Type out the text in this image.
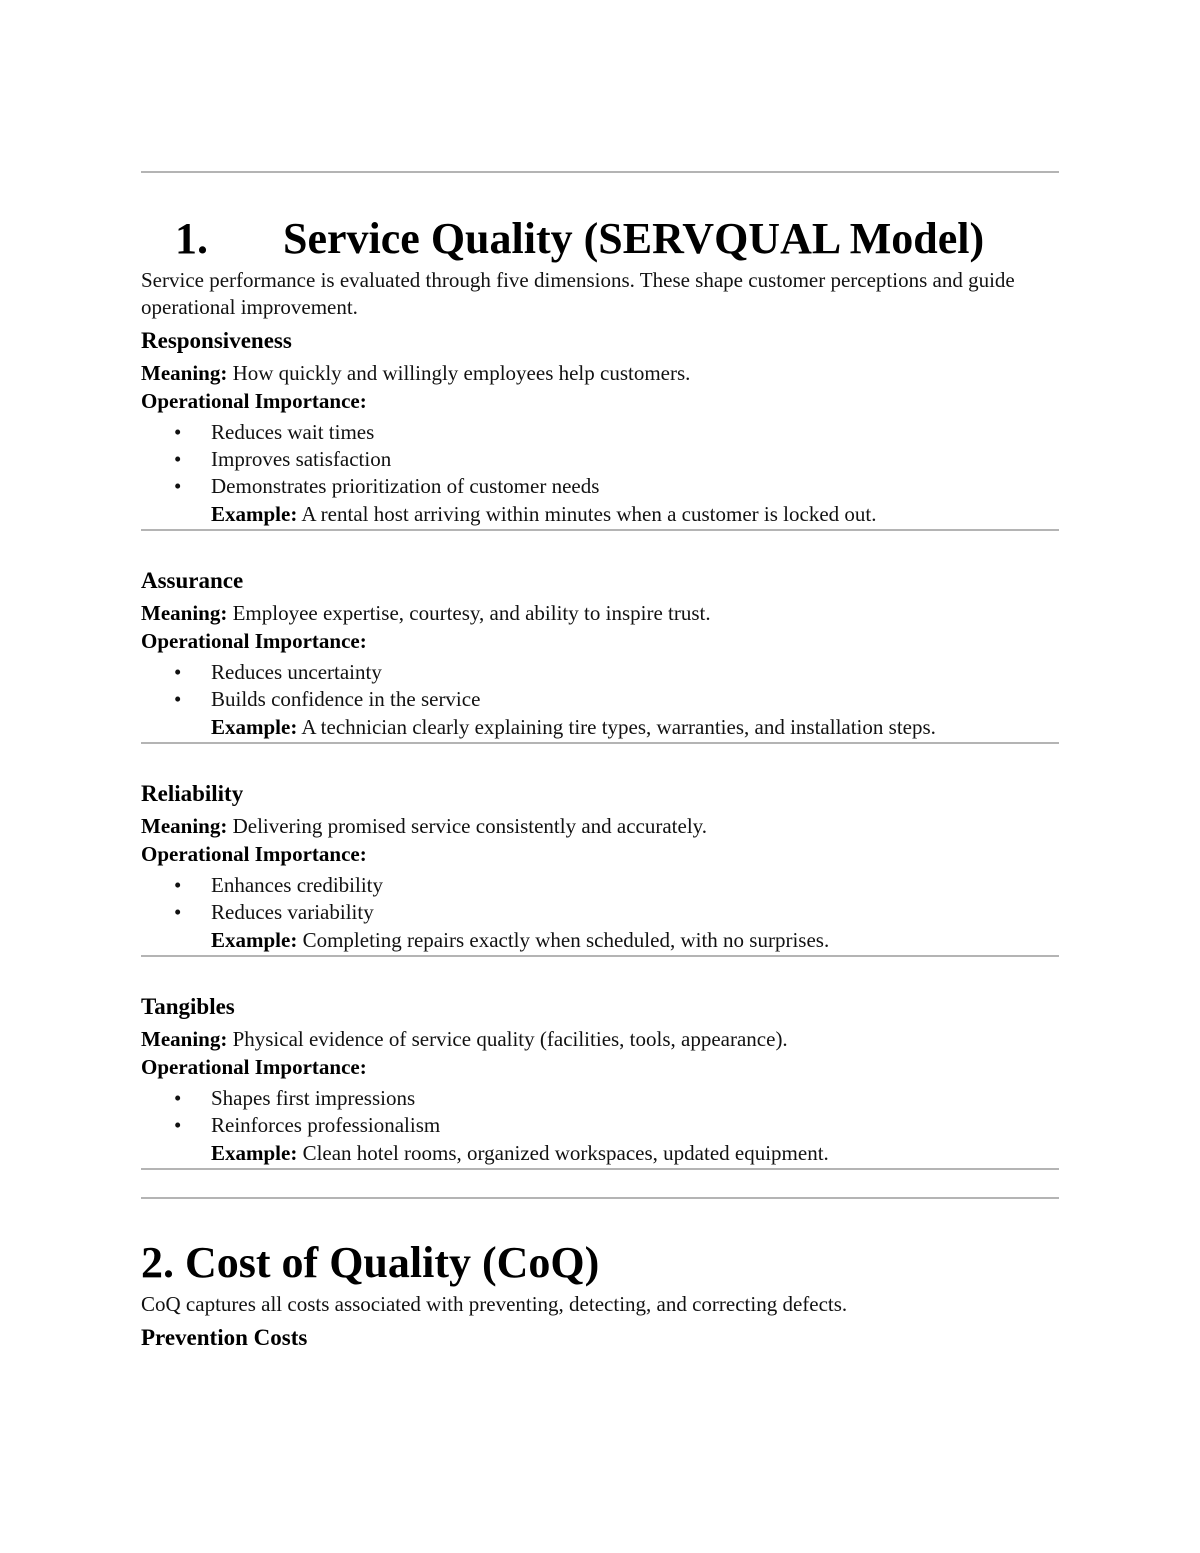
1. Service Quality (SERVQUAL Model)

Service performance is evaluated through five dimensions. These shape customer perceptions and guide operational improvement.

Responsiveness

Meaning: How quickly and willingly employees help customers.

Operational Importance:

• Reduces wait times
• Improves satisfaction
• Demonstrates prioritization of customer needs

Example: A rental host arriving within minutes when a customer is locked out.

Assurance

Meaning: Employee expertise, courtesy, and ability to inspire trust.

Operational Importance:

• Reduces uncertainty
• Builds confidence in the service

Example: A technician clearly explaining tire types, warranties, and installation steps.

Reliability

Meaning: Delivering promised service consistently and accurately.

Operational Importance:

• Enhances credibility
• Reduces variability

Example: Completing repairs exactly when scheduled, with no surprises.

Tangibles

Meaning: Physical evidence of service quality (facilities, tools, appearance).

Operational Importance:

• Shapes first impressions
• Reinforces professionalism

Example: Clean hotel rooms, organized workspaces, updated equipment.

2. Cost of Quality (CoQ)

CoQ captures all costs associated with preventing, detecting, and correcting defects.

Prevention Costs
